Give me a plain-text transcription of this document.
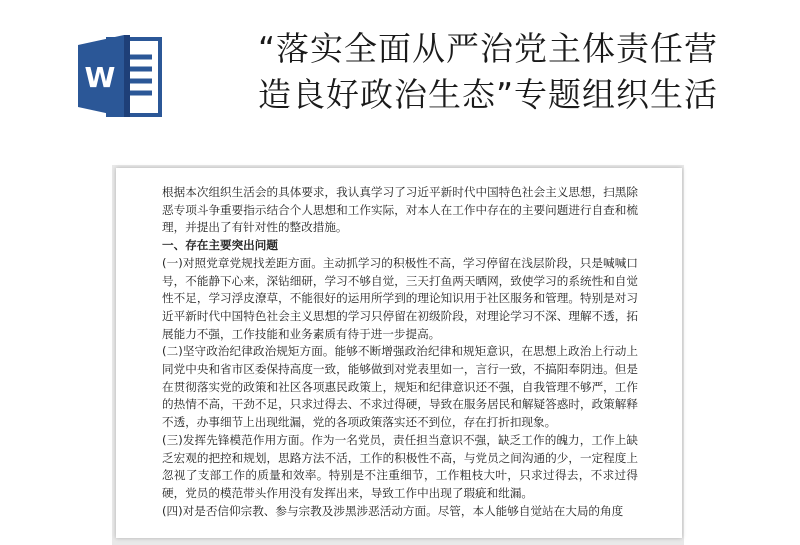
W
“落实全面从严治党主体责任营
造良好政治生态”专题组织生活

根据本次组织生活会的具体要求，我认真学习了习近平新时代中国特色社会主义思想，扫黑除恶专项斗争重要指示结合个人思想和工作实际，对本人在工作中存在的主要问题进行自查和梳理，并提出了有针对性的整改措施。

一、存在主要突出问题

(一)对照党章党规找差距方面。主动抓学习的积极性不高，学习停留在浅层阶段，只是喊喊口号，不能静下心来，深钻细研，学习不够自觉，三天打鱼两天晒网，致使学习的系统性和自觉性不足，学习浮皮潦草，不能很好的运用所学到的理论知识用于社区服务和管理。特别是对习近平新时代中国特色社会主义思想的学习只停留在初级阶段，对理论学习不深、理解不透，拓展能力不强，工作技能和业务素质有待于进一步提高。

(二)坚守政治纪律政治规矩方面。能够不断增强政治纪律和规矩意识，在思想上政治上行动上同党中央和省市区委保持高度一致，能够做到对党表里如一，言行一致，不搞阳奉阴违。但是在贯彻落实党的政策和社区各项惠民政策上，规矩和纪律意识还不强，自我管理不够严，工作的热情不高，干劲不足，只求过得去、不求过得硬，导致在服务居民和解疑答惑时，政策解释不透，办事细节上出现纰漏，党的各项政策落实还不到位，存在打折扣现象。

(三)发挥先锋模范作用方面。作为一名党员，责任担当意识不强，缺乏工作的魄力，工作上缺乏宏观的把控和规划，思路方法不活，工作的积极性不高，与党员之间沟通的少，一定程度上忽视了支部工作的质量和效率。特别是不注重细节，工作粗枝大叶，只求过得去，不求过得硬，党员的模范带头作用没有发挥出来，导致工作中出现了瑕疵和纰漏。

(四)对是否信仰宗教、参与宗教及涉黑涉恶活动方面。尽管，本人能够自觉站在大局的角度
